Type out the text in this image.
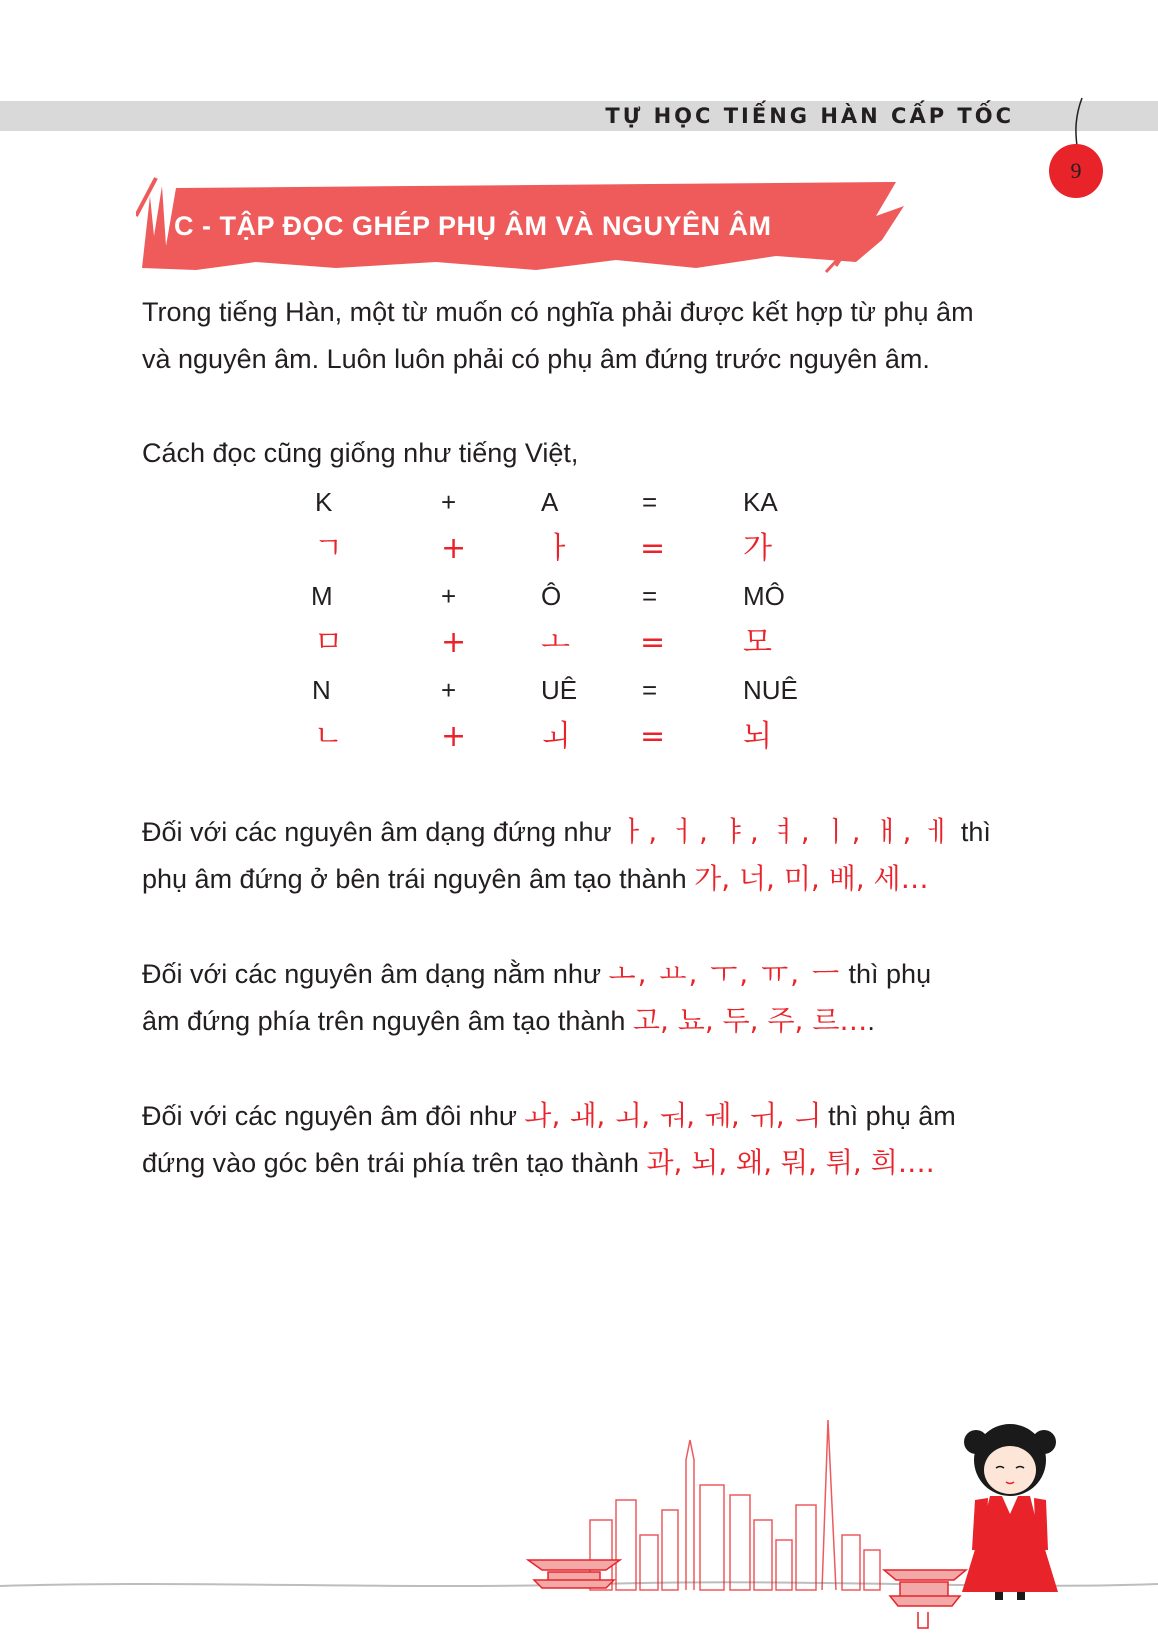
TỰ HỌC TIẾNG HÀN CẤP TỐC
9
C - TẬP ĐỌC GHÉP PHỤ ÂM VÀ NGUYÊN ÂM
Trong tiếng Hàn, một từ muốn có nghĩa phải được kết hợp từ phụ âm
và nguyên âm. Luôn luôn phải có phụ âm đứng trước nguyên âm.
Cách đọc cũng giống như tiếng Việt,
K	+	A	=	KA
ㄱ	+	ㅏ =	가
M	+	Ô	=	MÔ
ㅁ	+ ㅗ =	모
N	+	UÊ =	NUÊ
ㄴ	+ ㅚ =	뇌
Đối với các nguyên âm dạng đứng như ㅏ, ㅓ, ㅑ, ㅕ, ㅣ, ㅐ, ㅔ thì
phụ âm đứng ở bên trái nguyên âm tạo thành 가, 너, 미, 배, 세…
Đối với các nguyên âm dạng nằm như ㅗ, ㅛ, ㅜ, ㅠ, ㅡ thì phụ
âm đứng phía trên nguyên âm tạo thành 고, 뇨, 두, 주, 르….
Đối với các nguyên âm đôi như ㅘ, ㅙ, ㅚ, ㅝ, ㅞ, ㅟ, ㅢ thì phụ âm
đứng vào góc bên trái phía trên tạo thành 과, 뇌, 왜, 뭐, 튀, 희….
